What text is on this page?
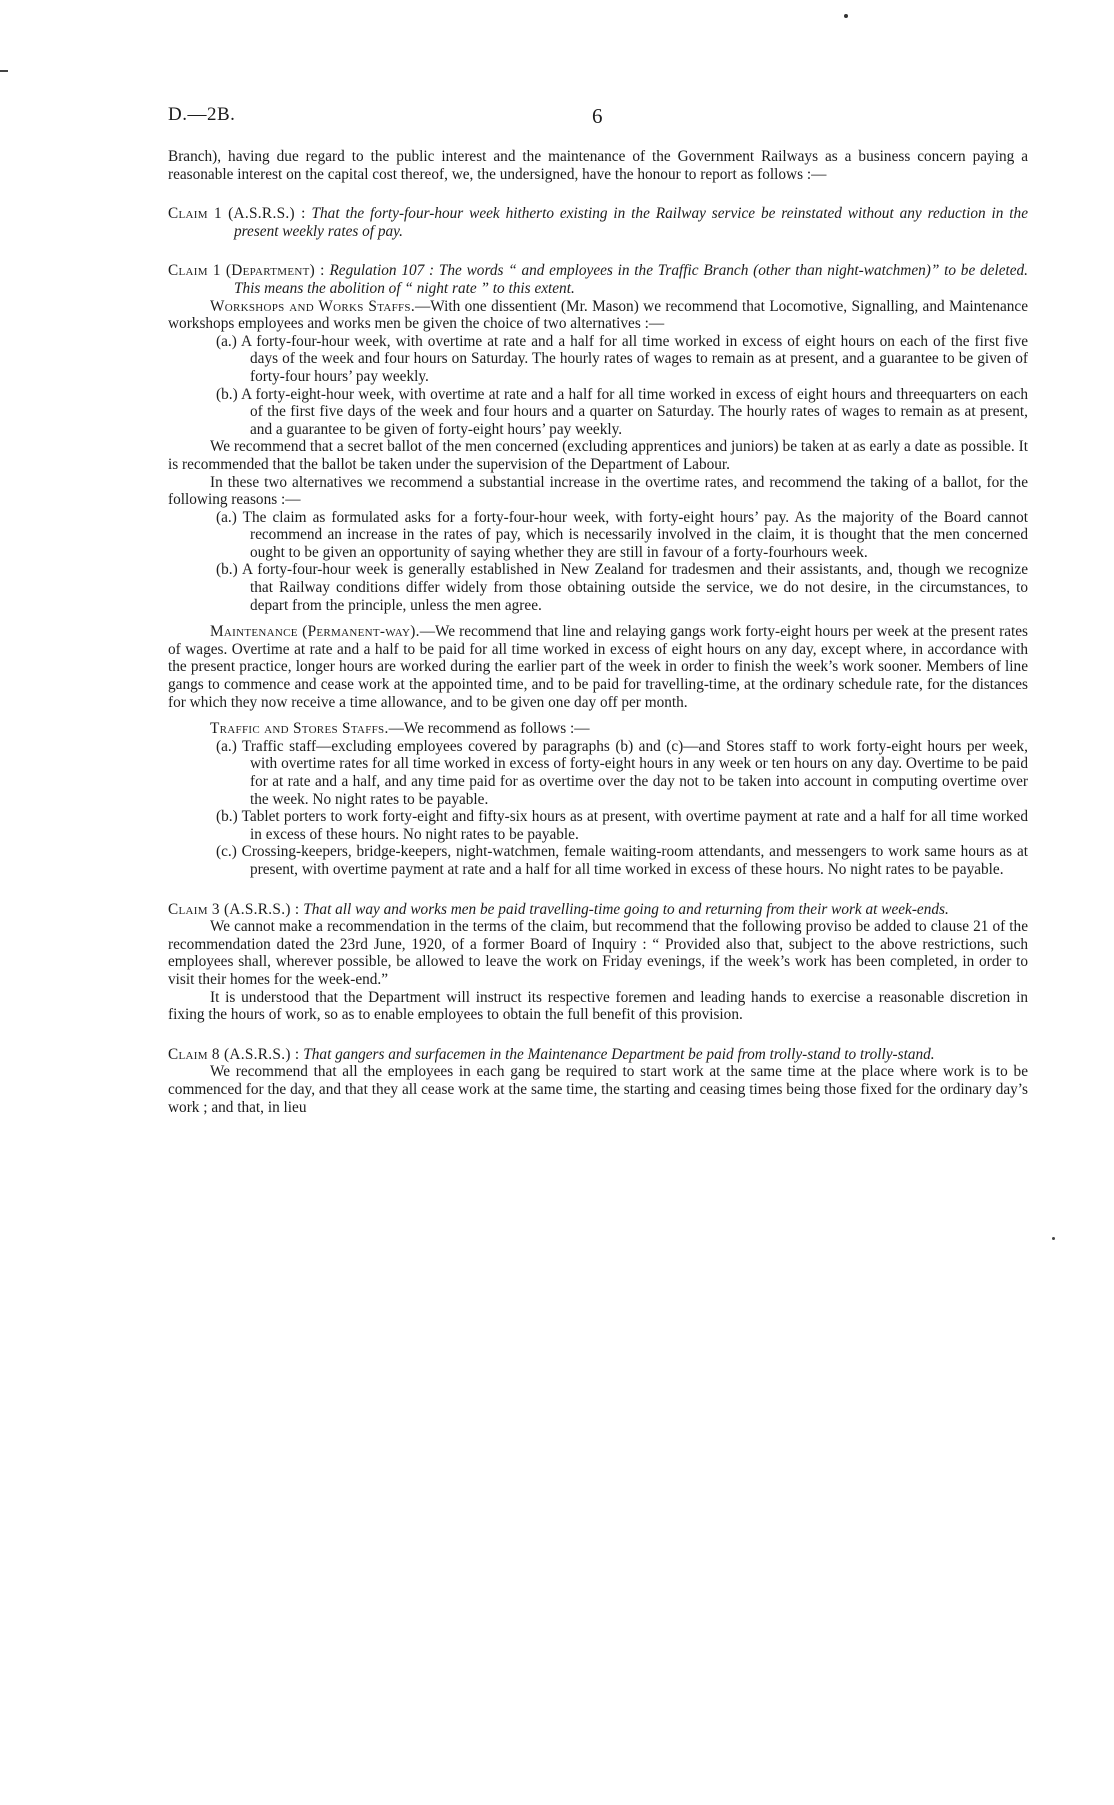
D.—2B.	6

Branch), having due regard to the public interest and the maintenance of the Government Railways as a business concern paying a reasonable interest on the capital cost thereof, we, the undersigned, have the honour to report as follows :—

Claim 1 (A.S.R.S.) : That the forty-four-hour week hitherto existing in the Railway service be reinstated without any reduction in the present weekly rates of pay.

Claim 1 (Department) : Regulation 107 : The words “ and employees in the Traffic Branch (other than night-watchmen)” to be deleted. This means the abolition of “ night rate ” to this extent.

Workshops and Works Staffs.—With one dissentient (Mr. Mason) we recommend that Locomotive, Signalling, and Maintenance workshops employees and works men be given the choice of two alternatives :—

(a.) A forty-four-hour week, with overtime at rate and a half for all time worked in excess of eight hours on each of the first five days of the week and four hours on Saturday. The hourly rates of wages to remain as at present, and a guarantee to be given of forty-four hours’ pay weekly.

(b.) A forty-eight-hour week, with overtime at rate and a half for all time worked in excess of eight hours and threequarters on each of the first five days of the week and four hours and a quarter on Saturday. The hourly rates of wages to remain as at present, and a guarantee to be given of forty-eight hours’ pay weekly.

We recommend that a secret ballot of the men concerned (excluding apprentices and juniors) be taken at as early a date as possible. It is recommended that the ballot be taken under the supervision of the Department of Labour.

In these two alternatives we recommend a substantial increase in the overtime rates, and recommend the taking of a ballot, for the following reasons :—

(a.) The claim as formulated asks for a forty-four-hour week, with forty-eight hours’ pay. As the majority of the Board cannot recommend an increase in the rates of pay, which is necessarily involved in the claim, it is thought that the men concerned ought to be given an opportunity of saying whether they are still in favour of a forty-fourhours week.

(b.) A forty-four-hour week is generally established in New Zealand for tradesmen and their assistants, and, though we recognize that Railway conditions differ widely from those obtaining outside the service, we do not desire, in the circumstances, to depart from the principle, unless the men agree.

Maintenance (Permanent-way).—We recommend that line and relaying gangs work forty-eight hours per week at the present rates of wages. Overtime at rate and a half to be paid for all time worked in excess of eight hours on any day, except where, in accordance with the present practice, longer hours are worked during the earlier part of the week in order to finish the week’s work sooner. Members of line gangs to commence and cease work at the appointed time, and to be paid for travelling-time, at the ordinary schedule rate, for the distances for which they now receive a time allowance, and to be given one day off per month.

Traffic and Stores Staffs.—We recommend as follows :—

(a.) Traffic staff—excluding employees covered by paragraphs (b) and (c)—and Stores staff to work forty-eight hours per week, with overtime rates for all time worked in excess of forty-eight hours in any week or ten hours on any day. Overtime to be paid for at rate and a half, and any time paid for as overtime over the day not to be taken into account in computing overtime over the week. No night rates to be payable.

(b.) Tablet porters to work forty-eight and fifty-six hours as at present, with overtime payment at rate and a half for all time worked in excess of these hours. No night rates to be payable.

(c.) Crossing-keepers, bridge-keepers, night-watchmen, female waiting-room attendants, and messengers to work same hours as at present, with overtime payment at rate and a half for all time worked in excess of these hours. No night rates to be payable.

Claim 3 (A.S.R.S.) : That all way and works men be paid travelling-time going to and returning from their work at week-ends.

We cannot make a recommendation in the terms of the claim, but recommend that the following proviso be added to clause 21 of the recommendation dated the 23rd June, 1920, of a former Board of Inquiry : “ Provided also that, subject to the above restrictions, such employees shall, wherever possible, be allowed to leave the work on Friday evenings, if the week’s work has been completed, in order to visit their homes for the week-end.”

It is understood that the Department will instruct its respective foremen and leading hands to exercise a reasonable discretion in fixing the hours of work, so as to enable employees to obtain the full benefit of this provision.

Claim 8 (A.S.R.S.) : That gangers and surfacemen in the Maintenance Department be paid from trolly-stand to trolly-stand.

We recommend that all the employees in each gang be required to start work at the same time at the place where work is to be commenced for the day, and that they all cease work at the same time, the starting and ceasing times being those fixed for the ordinary day’s work ; and that, in lieu
